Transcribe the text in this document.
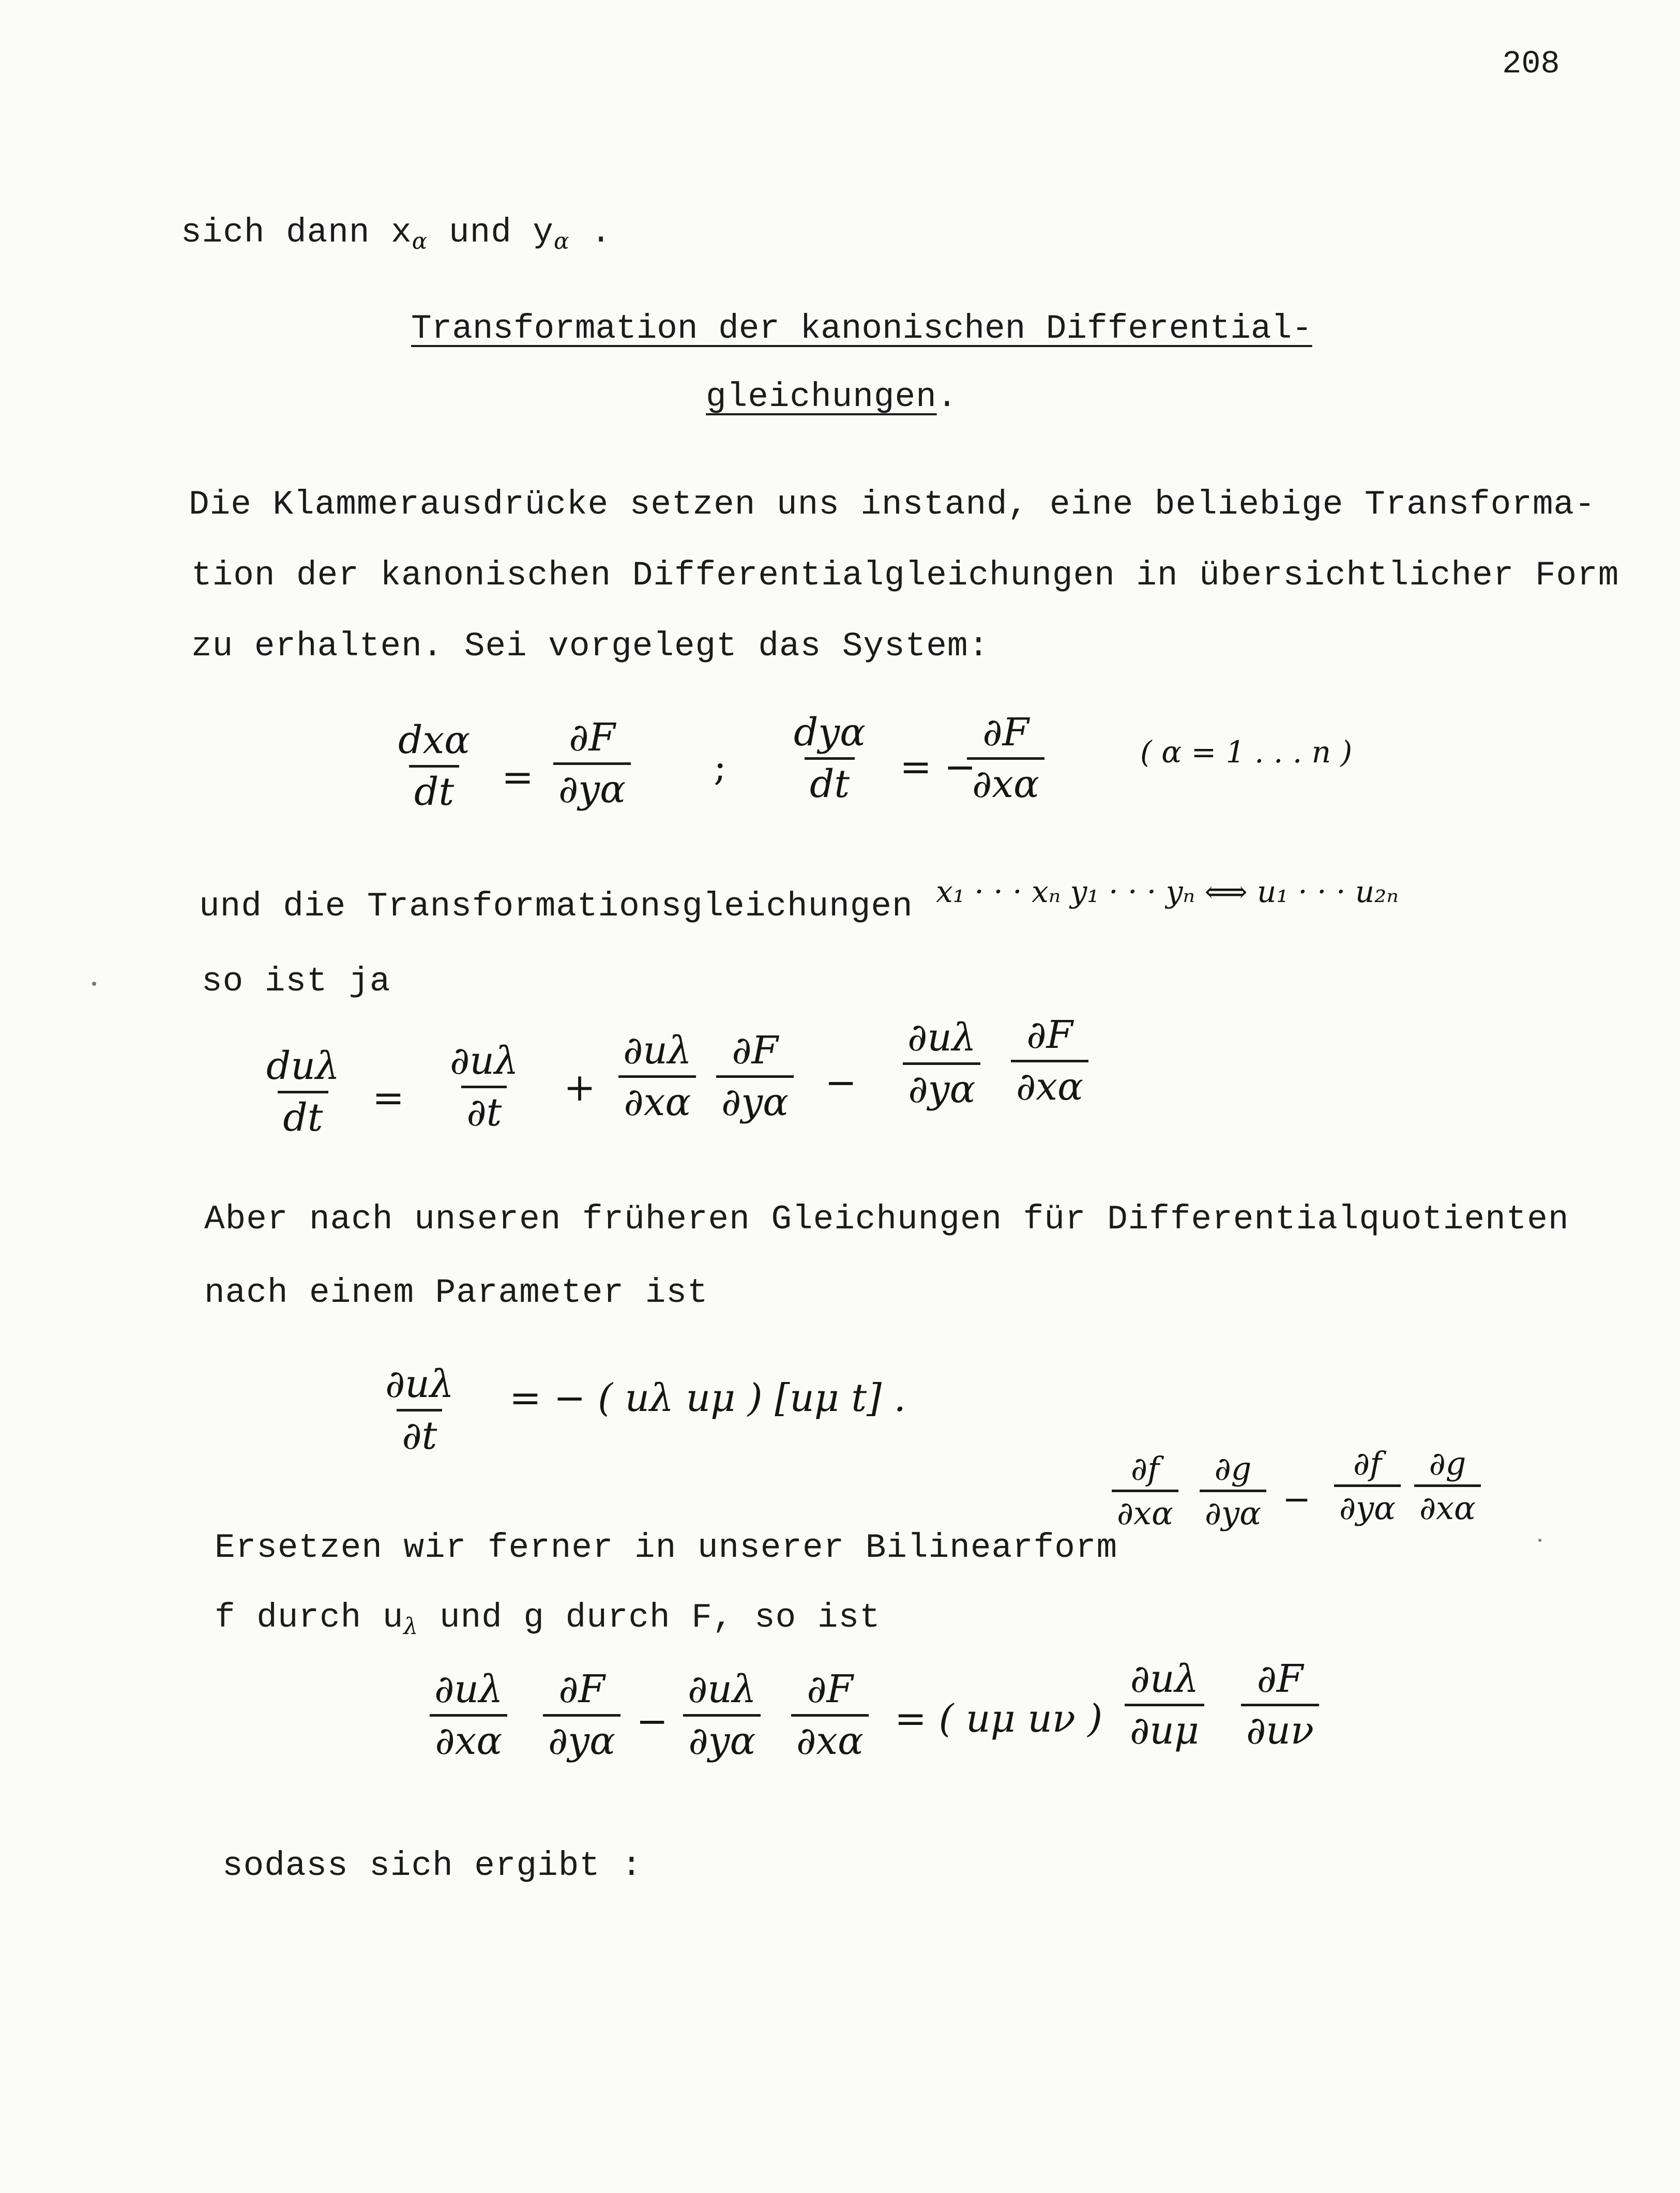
208
sich dann $x_\alpha$ und $y_\alpha$ .
Transformation der kanonischen Differential-
gleichungen.
Die Klammerausdrücke setzen uns instand, eine beliebige Transforma-
tion der kanonischen Differentialgleichungen in übersichtlicher Form
zu erhalten. Sei vorgelegt das System:
dxα
dt = $\frac{\partial F}{\partial y\alpha}$ ;
dyα
dt = −
$\frac{\partial F}{\partial x\alpha}$	( α = 1 . . . n )
und die Transformationsgleichungen x₁ · · · xₙ y₁ · · · yₙ ⟺ u₁ · · · u₂ₙ
so ist ja
duλ
dt = $\frac{\partial u\lambda}{\partial t} + \frac{\partial u\lambda}{\partial x\alpha} \frac{\partial F}{\partial y\alpha} - \frac{\partial u\lambda}{\partial y\alpha} \frac{\partial F}{\partial x\alpha}$
Aber nach unseren früheren Gleichungen für Differentialquotienten
nach einem Parameter ist
$\frac{\partial u\lambda}{\partial t}$ = − ( uλ uμ ) [uμ t] .
Ersetzen wir ferner in unserer Bilinearform
$\frac{\partial f}{\partial x\alpha} \frac{\partial g}{\partial y\alpha} - \frac{\partial f}{\partial y\alpha} \frac{\partial g}{\partial x\alpha}$
f durch $u_\lambda$ und g durch F, so ist
$\frac{\partial u\lambda}{\partial x\alpha} \frac{\partial F}{\partial y\alpha} - \frac{\partial u\lambda}{\partial y\alpha} \frac{\partial F}{\partial x\alpha}$ = ( uμ uν ) $\frac{\partial u\lambda}{\partial u\mu} \frac{\partial F}{\partial u\nu}$
sodass sich ergibt :
